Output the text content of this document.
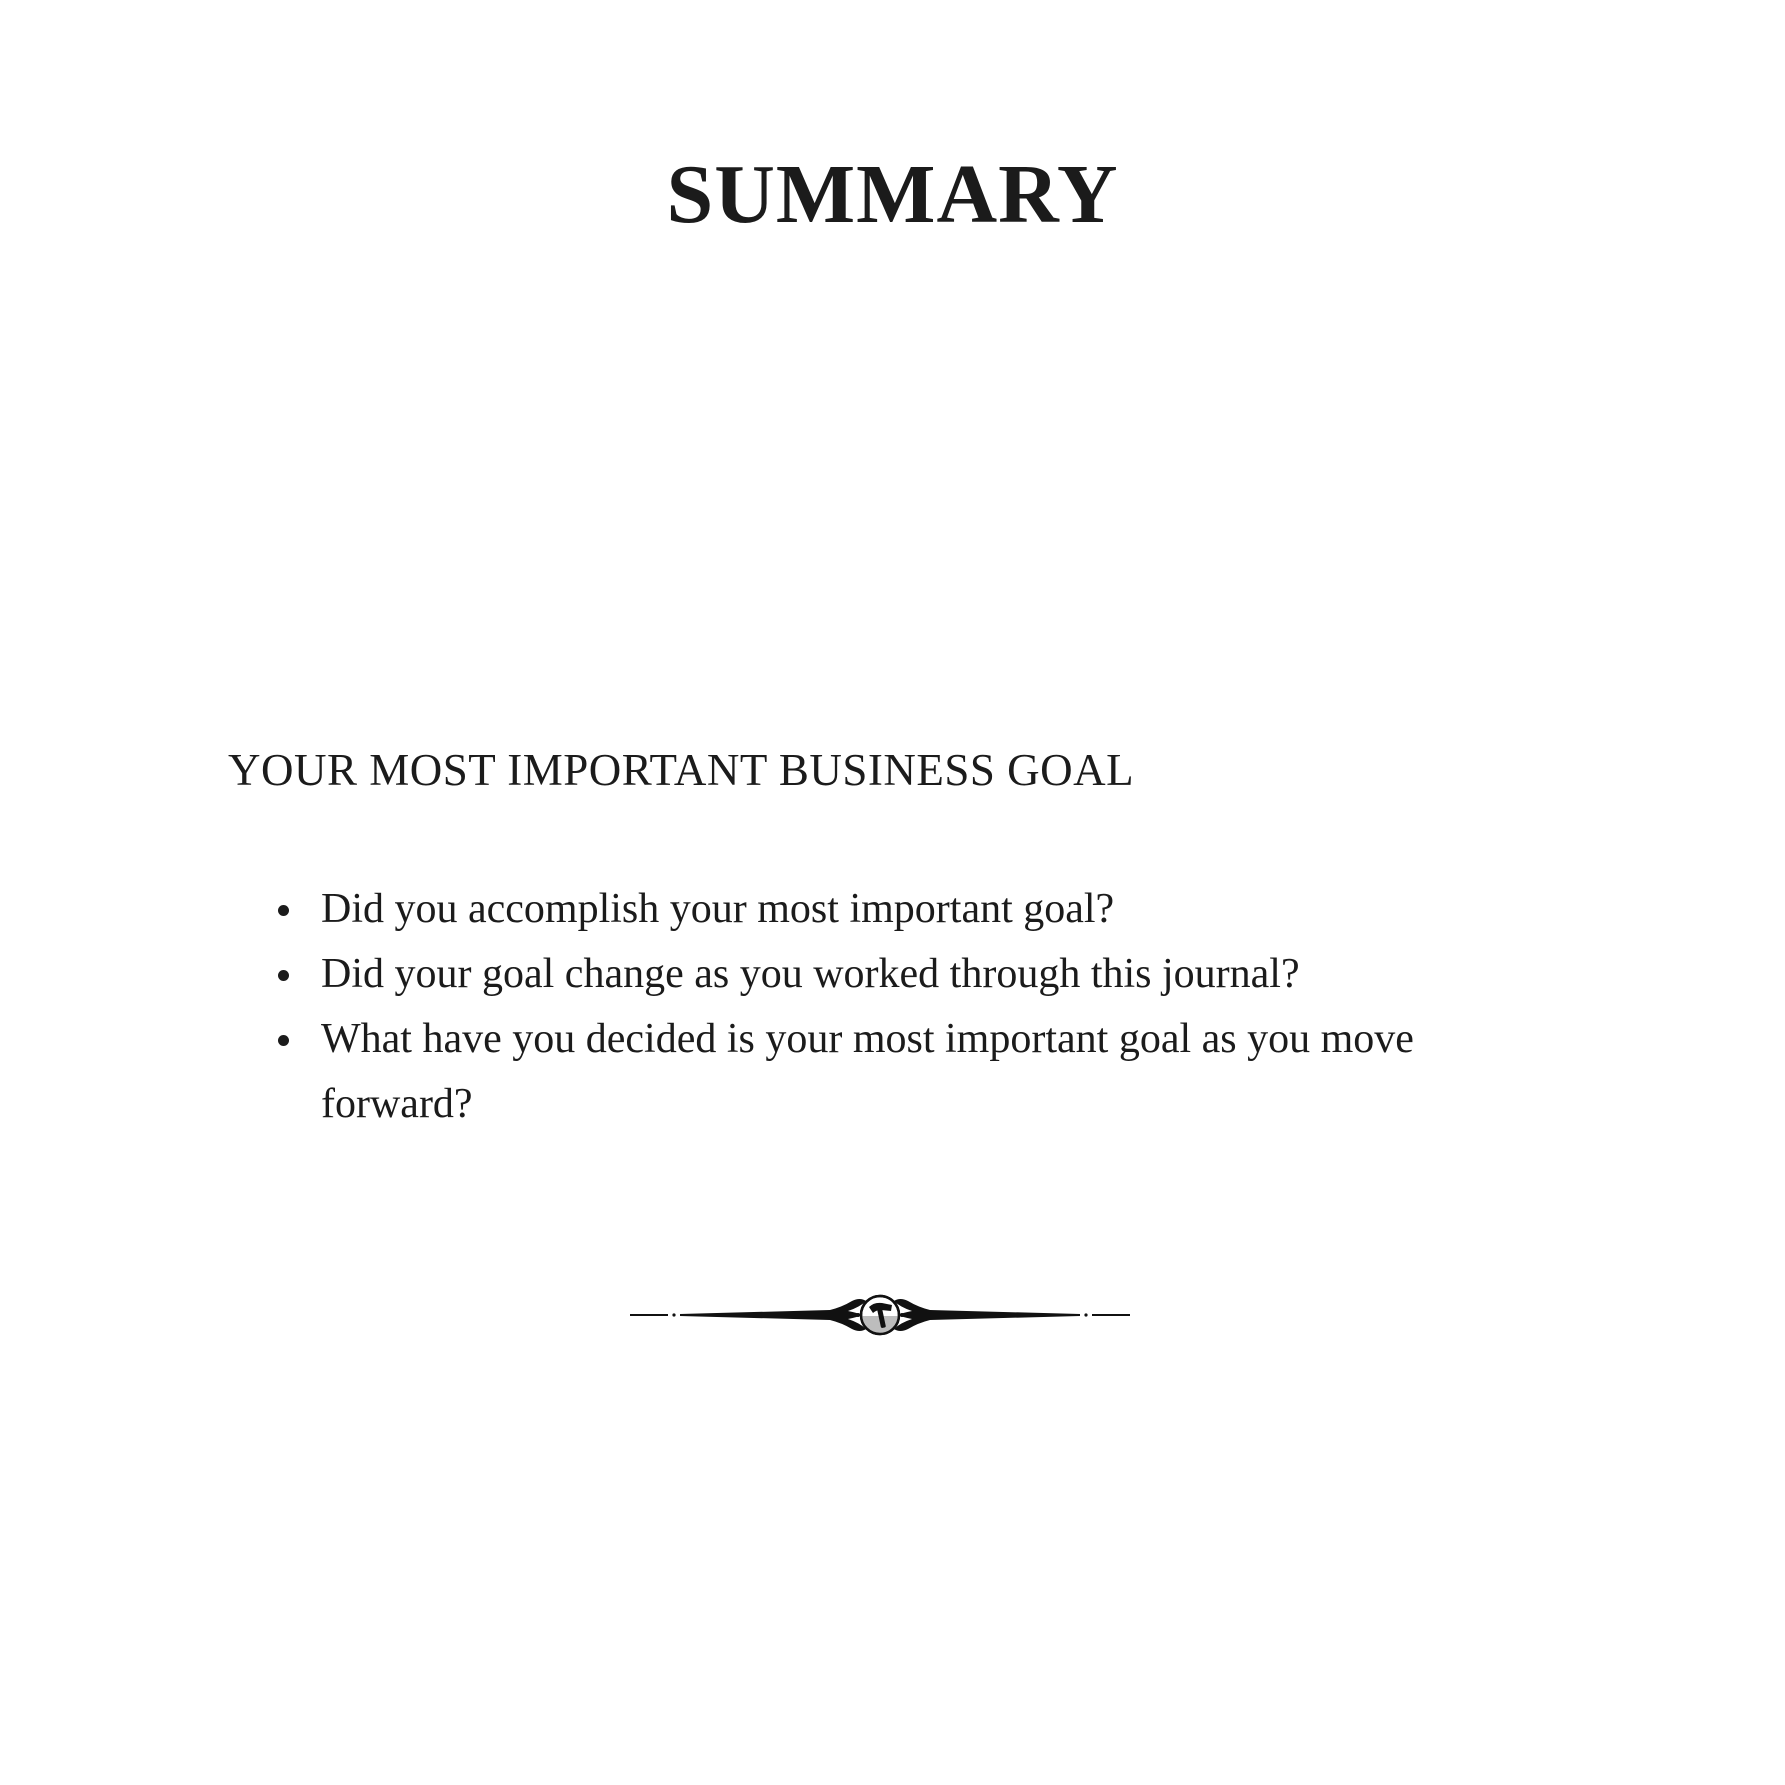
SUMMARY
YOUR MOST IMPORTANT BUSINESS GOAL
Did you accomplish your most important goal?
Did your goal change as you worked through this journal?
What have you decided is your most important goal as you move forward?
